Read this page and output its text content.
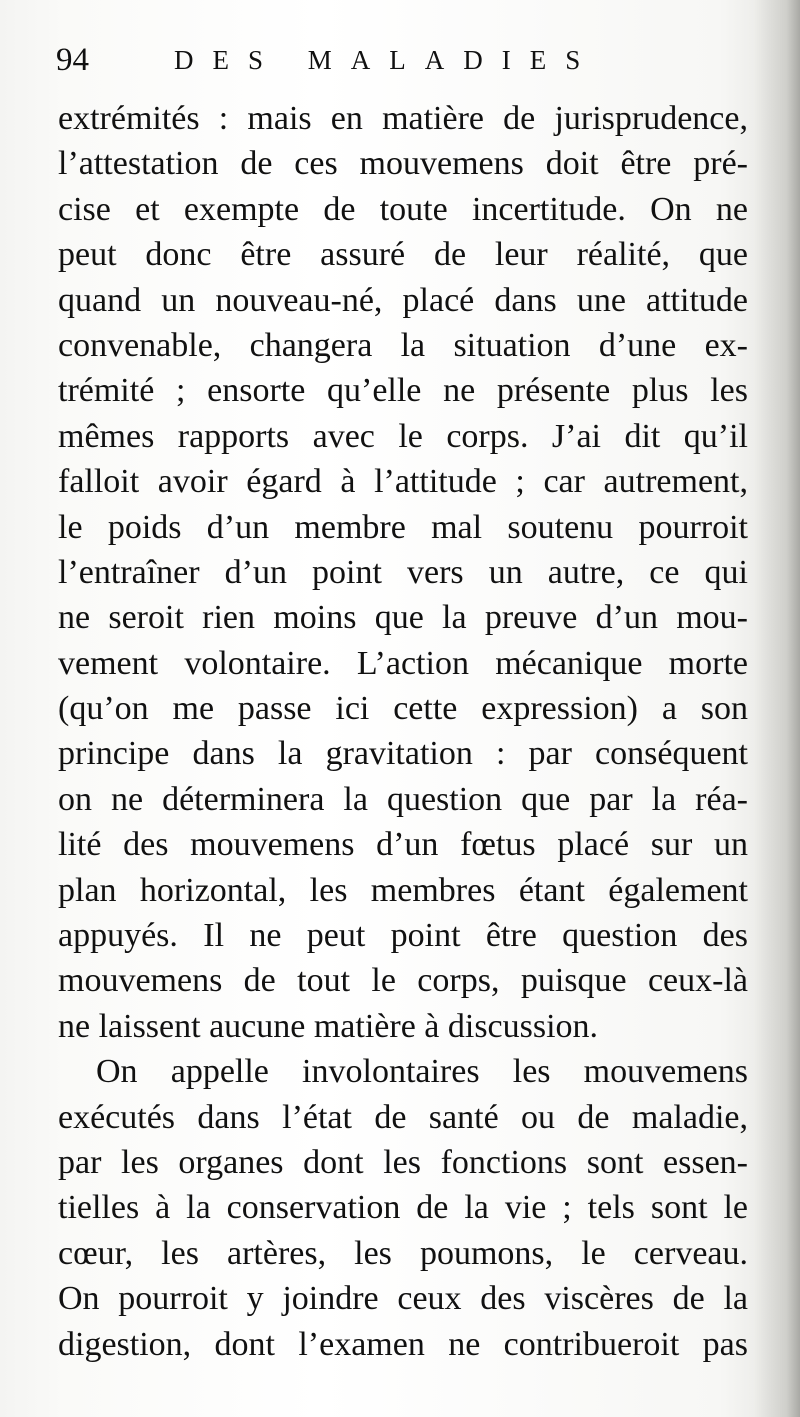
94	DES MALADIES
extrémités : mais en matière de jurisprudence,
l’attestation de ces mouvemens doit être pré-
cise et exempte de toute incertitude. On ne
peut donc être assuré de leur réalité, que
quand un nouveau-né, placé dans une attitude
convenable, changera la situation d’une ex-
trémité ; ensorte qu’elle ne présente plus les
mêmes rapports avec le corps. J’ai dit qu’il
falloit avoir égard à l’attitude ; car autrement,
le poids d’un membre mal soutenu pourroit
l’entraîner d’un point vers un autre, ce qui
ne seroit rien moins que la preuve d’un mou-
vement volontaire. L’action mécanique morte
(qu’on me passe ici cette expression) a son
principe dans la gravitation : par conséquent
on ne déterminera la question que par la réa-
lité des mouvemens d’un fœtus placé sur un
plan horizontal, les membres étant également
appuyés. Il ne peut point être question des
mouvemens de tout le corps, puisque ceux-là
ne laissent aucune matière à discussion.
On appelle involontaires les mouvemens
exécutés dans l’état de santé ou de maladie,
par les organes dont les fonctions sont essen-
tielles à la conservation de la vie ; tels sont le
cœur, les artères, les poumons, le cerveau.
On pourroit y joindre ceux des viscères de la
digestion, dont l’examen ne contribueroit pas
